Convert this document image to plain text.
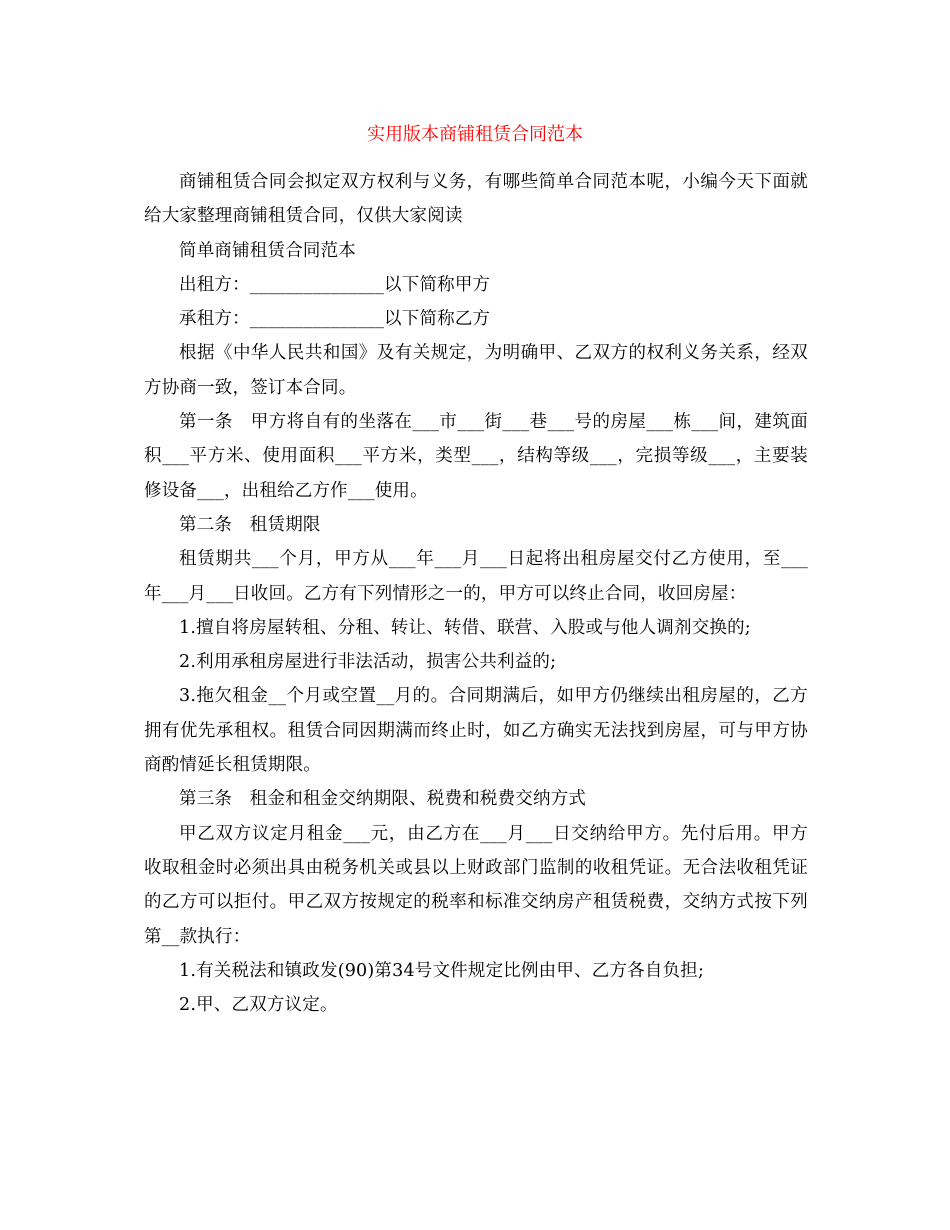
实用版本商铺租赁合同范本

商铺租赁合同会拟定双方权利与义务，有哪些简单合同范本呢，小编今天下面就给大家整理商铺租赁合同，仅供大家阅读

简单商铺租赁合同范本

出租方：_______________以下简称甲方

承租方：_______________以下简称乙方

根据《中华人民共和国》及有关规定，为明确甲、乙双方的权利义务关系，经双方协商一致，签订本合同。

第一条　甲方将自有的坐落在___市___街___巷___号的房屋___栋___间，建筑面积___平方米、使用面积___平方米，类型___，结构等级___，完损等级___，主要装修设备___，出租给乙方作___使用。

第二条　租赁期限

租赁期共___个月，甲方从___年___月___日起将出租房屋交付乙方使用，至___年___月___日收回。乙方有下列情形之一的，甲方可以终止合同，收回房屋：

1.擅自将房屋转租、分租、转让、转借、联营、入股或与他人调剂交换的;

2.利用承租房屋进行非法活动，损害公共利益的;

3.拖欠租金__个月或空置__月的。合同期满后，如甲方仍继续出租房屋的，乙方拥有优先承租权。租赁合同因期满而终止时，如乙方确实无法找到房屋，可与甲方协商酌情延长租赁期限。

第三条　租金和租金交纳期限、税费和税费交纳方式

甲乙双方议定月租金___元，由乙方在___月___日交纳给甲方。先付后用。甲方收取租金时必须出具由税务机关或县以上财政部门监制的收租凭证。无合法收租凭证的乙方可以拒付。甲乙双方按规定的税率和标准交纳房产租赁税费，交纳方式按下列第__款执行：

1.有关税法和镇政发(90)第34号文件规定比例由甲、乙方各自负担;

2.甲、乙双方议定。
